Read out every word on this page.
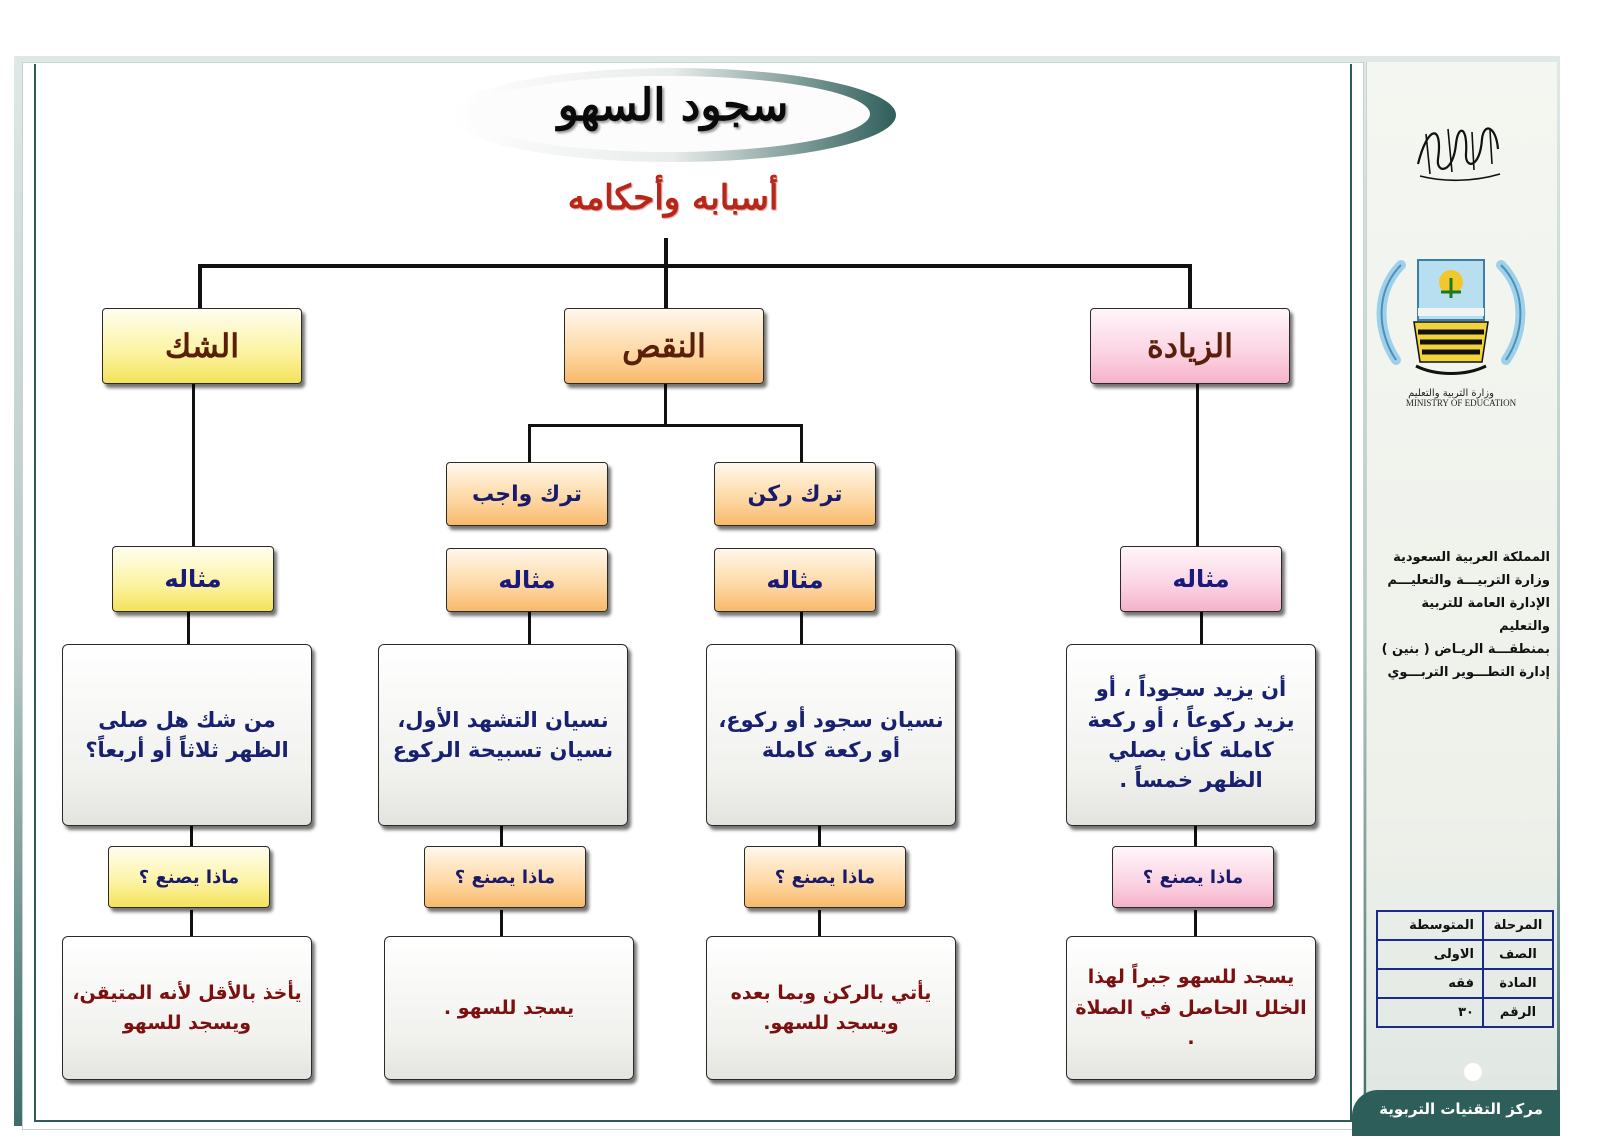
مركز التقنيات التربوية
سجود السهو
أسبابه وأحكامه
الشك	النقص	الزيادة
ترك واجب	ترك ركن
مثاله	مثاله	مثاله	مثاله
من شك هل صلى الظهر ثلاثاً أو أربعاً؟
نسيان التشهد الأول، نسيان تسبيحة الركوع
نسيان سجود أو ركوع، أو ركعة كاملة
أن يزيد سجوداً ، أو يزيد ركوعاً ، أو ركعة كاملة كأن يصلي الظهر خمساً .
ماذا يصنع ؟	ماذا يصنع ؟	ماذا يصنع ؟	ماذا يصنع ؟
يأخذ بالأقل لأنه المتيقن، ويسجد للسهو
يسجد للسهو .
يأتي بالركن وبما بعده ويسجد للسهو.
يسجد للسهو جبراً لهذا الخلل الحاصل في الصلاة .
وزارة التربية والتعليم
MINISTRY OF EDUCATION
المملكة العربية السعودية
وزارة التربيـــة والتعليـــم
الإدارة العامة للتربية والتعليم
بمنطقـــة الريـاض ( بنين )
إدارة التطـــوير التربـــوي
المرحلة	المتوسطة
الصف	الاولى
المادة	فقه
الرقم	٣٠
